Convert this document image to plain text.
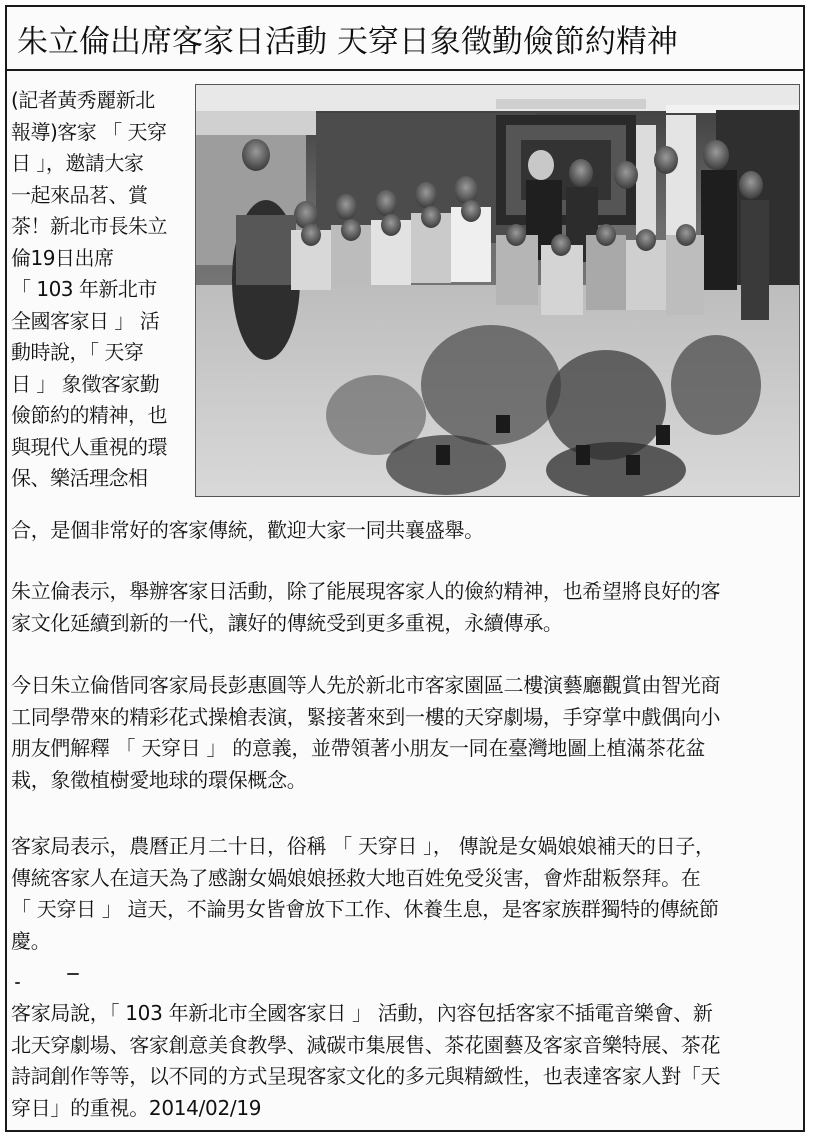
朱立倫出席客家日活動 天穿日象徵勤儉節約精神
(記者黃秀麗新北
報導)客家 「 天穿
日 」，邀請大家
一起來品茗、賞
茶！新北市長朱立
倫19日出席
「 103 年新北市
全國客家日 」 活
動時說，「 天穿
日 」 象徵客家勤
儉節約的精神，也
與現代人重視的環
保、樂活理念相
合，是個非常好的客家傳統，歡迎大家一同共襄盛舉。
朱立倫表示，舉辦客家日活動，除了能展現客家人的儉約精神，也希望將良好的客
家文化延續到新的一代，讓好的傳統受到更多重視，永續傳承。
今日朱立倫偕同客家局長彭惠圓等人先於新北市客家園區二樓演藝廳觀賞由智光商
工同學帶來的精彩花式操槍表演，緊接著來到一樓的天穿劇場，手穿掌中戲偶向小
朋友們解釋 「 天穿日 」 的意義，並帶領著小朋友一同在臺灣地圖上植滿茶花盆
栽，象徵植樹愛地球的環保概念。
客家局表示，農曆正月二十日，俗稱 「 天穿日 」， 傳說是女媧娘娘補天的日子，
傳統客家人在這天為了感謝女媧娘娘拯救大地百姓免受災害，會炸甜粄祭拜。在
「 天穿日 」 這天，不論男女皆會放下工作、休養生息，是客家族群獨特的傳統節
慶。
客家局說，「 103 年新北市全國客家日 」 活動，內容包括客家不插電音樂會、新
北天穿劇場、客家創意美食教學、減碳市集展售、茶花園藝及客家音樂特展、茶花
詩詞創作等等，以不同的方式呈現客家文化的多元與精緻性，也表達客家人對「天
穿日」的重視。2014/02/19
